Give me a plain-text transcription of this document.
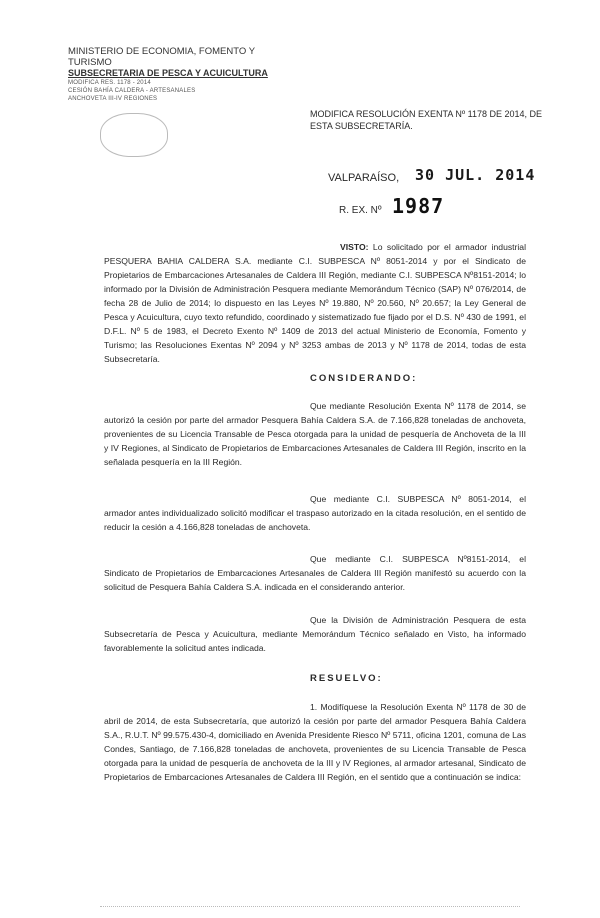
MINISTERIO DE ECONOMIA, FOMENTO Y TURISMO
SUBSECRETARIA DE PESCA Y ACUICULTURA
MODIFICA RES. 1178 - 2014
CESIÓN BAHÍA CALDERA - ARTESANALES
ANCHOVETA III-IV REGIONES
MODIFICA RESOLUCIÓN EXENTA Nº 1178 DE 2014, DE ESTA SUBSECRETARÍA.
VALPARAÍSO, 30 JUL. 2014
R. EX. Nº 1987
VISTO: Lo solicitado por el armador industrial PESQUERA BAHIA CALDERA S.A. mediante C.I. SUBPESCA Nº 8051-2014 y por el Sindicato de Propietarios de Embarcaciones Artesanales de Caldera III Región, mediante C.I. SUBPESCA Nº8151-2014; lo informado por la División de Administración Pesquera mediante Memorándum Técnico (SAP) Nº 076/2014, de fecha 28 de Julio de 2014; lo dispuesto en las Leyes Nº 19.880, Nº 20.560, Nº 20.657; la Ley General de Pesca y Acuicultura, cuyo texto refundido, coordinado y sistematizado fue fijado por el D.S. Nº 430 de 1991, el D.F.L. Nº 5 de 1983, el Decreto Exento Nº 1409 de 2013 del actual Ministerio de Economía, Fomento y Turismo; las Resoluciones Exentas Nº 2094 y Nº 3253 ambas de 2013 y Nº 1178 de 2014, todas de esta Subsecretaría.
CONSIDERANDO:
Que mediante Resolución Exenta Nº 1178 de 2014, se autorizó la cesión por parte del armador Pesquera Bahía Caldera S.A. de 7.166,828 toneladas de anchoveta, provenientes de su Licencia Transable de Pesca otorgada para la unidad de pesquería de Anchoveta de la III y IV Regiones, al Sindicato de Propietarios de Embarcaciones Artesanales de Caldera III Región, inscrito en la señalada pesquería en la III Región.
Que mediante C.I. SUBPESCA Nº 8051-2014, el armador antes individualizado solicitó modificar el traspaso autorizado en la citada resolución, en el sentido de reducir la cesión a 4.166,828 toneladas de anchoveta.
Que mediante C.I. SUBPESCA Nº8151-2014, el Sindicato de Propietarios de Embarcaciones Artesanales de Caldera III Región manifestó su acuerdo con la solicitud de Pesquera Bahía Caldera S.A. indicada en el considerando anterior.
Que la División de Administración Pesquera de esta Subsecretaría de Pesca y Acuicultura, mediante Memorándum Técnico señalado en Visto, ha informado favorablemente la solicitud antes indicada.
RESUELVO:
1. Modifíquese la Resolución Exenta Nº 1178 de 30 de abril de 2014, de esta Subsecretaría, que autorizó la cesión por parte del armador Pesquera Bahía Caldera S.A., R.U.T. Nº 99.575.430-4, domiciliado en Avenida Presidente Riesco Nº 5711, oficina 1201, comuna de Las Condes, Santiago, de 7.166,828 toneladas de anchoveta, provenientes de su Licencia Transable de Pesca otorgada para la unidad de pesquería de anchoveta de la III y IV Regiones, al armador artesanal, Sindicato de Propietarios de Embarcaciones Artesanales de Caldera III Región, en el sentido que a continuación se indica:
